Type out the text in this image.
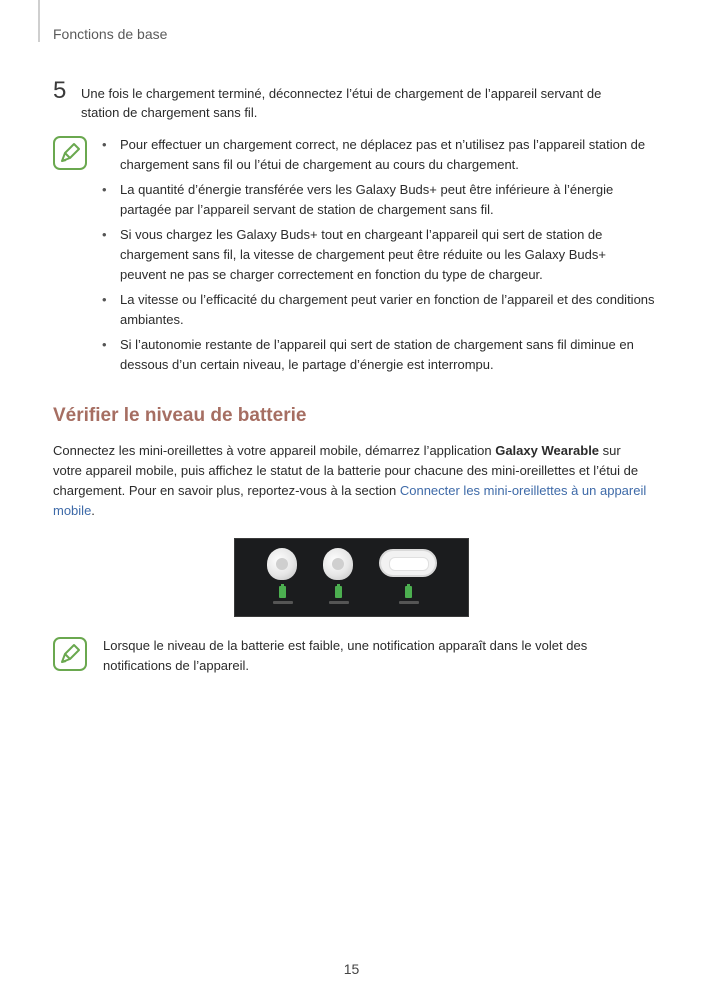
Fonctions de base
5 Une fois le chargement terminé, déconnectez l’étui de chargement de l’appareil servant de station de chargement sans fil.
• Pour effectuer un chargement correct, ne déplacez pas et n’utilisez pas l’appareil station de chargement sans fil ou l’étui de chargement au cours du chargement.
• La quantité d’énergie transférée vers les Galaxy Buds+ peut être inférieure à l’énergie partagée par l’appareil servant de station de chargement sans fil.
• Si vous chargez les Galaxy Buds+ tout en chargeant l’appareil qui sert de station de chargement sans fil, la vitesse de chargement peut être réduite ou les Galaxy Buds+ peuvent ne pas se charger correctement en fonction du type de chargeur.
• La vitesse ou l’efficacité du chargement peut varier en fonction de l’appareil et des conditions ambiantes.
• Si l’autonomie restante de l’appareil qui sert de station de chargement sans fil diminue en dessous d’un certain niveau, le partage d’énergie est interrompu.
Vérifier le niveau de batterie
Connectez les mini-oreillettes à votre appareil mobile, démarrez l’application Galaxy Wearable sur votre appareil mobile, puis affichez le statut de la batterie pour chacune des mini-oreillettes et l’étui de chargement. Pour en savoir plus, reportez-vous à la section Connecter les mini-oreillettes à un appareil mobile.
Lorsque le niveau de la batterie est faible, une notification apparaît dans le volet des notifications de l’appareil.
15
